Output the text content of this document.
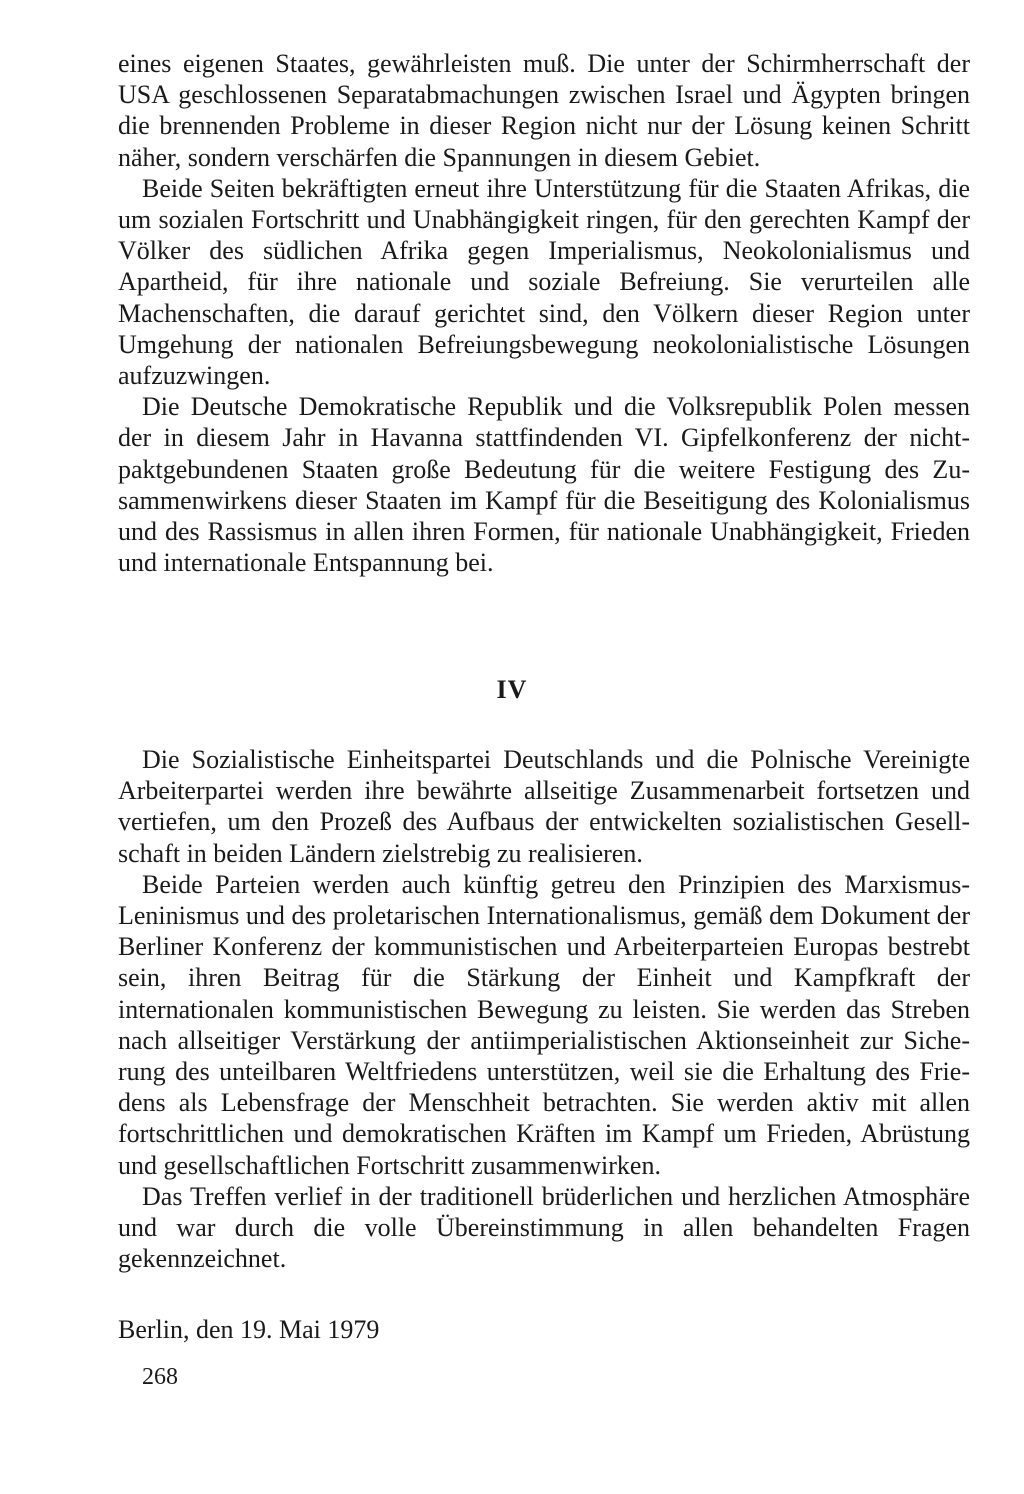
eines eigenen Staates, gewährleisten muß. Die unter der Schirmherrschaft der USA geschlossenen Separatabmachungen zwischen Israel und Ägypten bringen die brennenden Probleme in dieser Region nicht nur der Lösung keinen Schritt näher, sondern verschärfen die Spannungen in diesem Gebiet.

Beide Seiten bekräftigten erneut ihre Unterstützung für die Staaten Afrikas, die um sozialen Fortschritt und Unabhängigkeit ringen, für den gerechten Kampf der Völker des südlichen Afrika gegen Imperialismus, Neokolonialismus und Apartheid, für ihre nationale und soziale Befreiung. Sie verurteilen alle Machenschaften, die darauf gerichtet sind, den Völkern dieser Region unter Umgehung der nationalen Befreiungsbewegung neokolonialistische Lösungen aufzuzwingen.

Die Deutsche Demokratische Republik und die Volksrepublik Polen messen der in diesem Jahr in Havanna stattfindenden VI. Gipfelkonferenz der nichtpaktgebundenen Staaten große Bedeutung für die weitere Festigung des Zusammenwirkens dieser Staaten im Kampf für die Beseitigung des Kolonialismus und des Rassismus in allen ihren Formen, für nationale Unabhängigkeit, Frieden und internationale Entspannung bei.

IV

Die Sozialistische Einheitspartei Deutschlands und die Polnische Vereinigte Arbeiterpartei werden ihre bewährte allseitige Zusammenarbeit fortsetzen und vertiefen, um den Prozeß des Aufbaus der entwickelten sozialistischen Gesellschaft in beiden Ländern zielstrebig zu realisieren.

Beide Parteien werden auch künftig getreu den Prinzipien des Marxismus-Leninismus und des proletarischen Internationalismus, gemäß dem Dokument der Berliner Konferenz der kommunistischen und Arbeiterparteien Europas bestrebt sein, ihren Beitrag für die Stärkung der Einheit und Kampfkraft der internationalen kommunistischen Bewegung zu leisten. Sie werden das Streben nach allseitiger Verstärkung der antiimperialistischen Aktionseinheit zur Sicherung des unteilbaren Weltfriedens unterstützen, weil sie die Erhaltung des Friedens als Lebensfrage der Menschheit betrachten. Sie werden aktiv mit allen fortschrittlichen und demokratischen Kräften im Kampf um Frieden, Abrüstung und gesellschaftlichen Fortschritt zusammenwirken.

Das Treffen verlief in der traditionell brüderlichen und herzlichen Atmosphäre und war durch die volle Übereinstimmung in allen behandelten Fragen gekennzeichnet.

Berlin, den 19. Mai 1979
268
